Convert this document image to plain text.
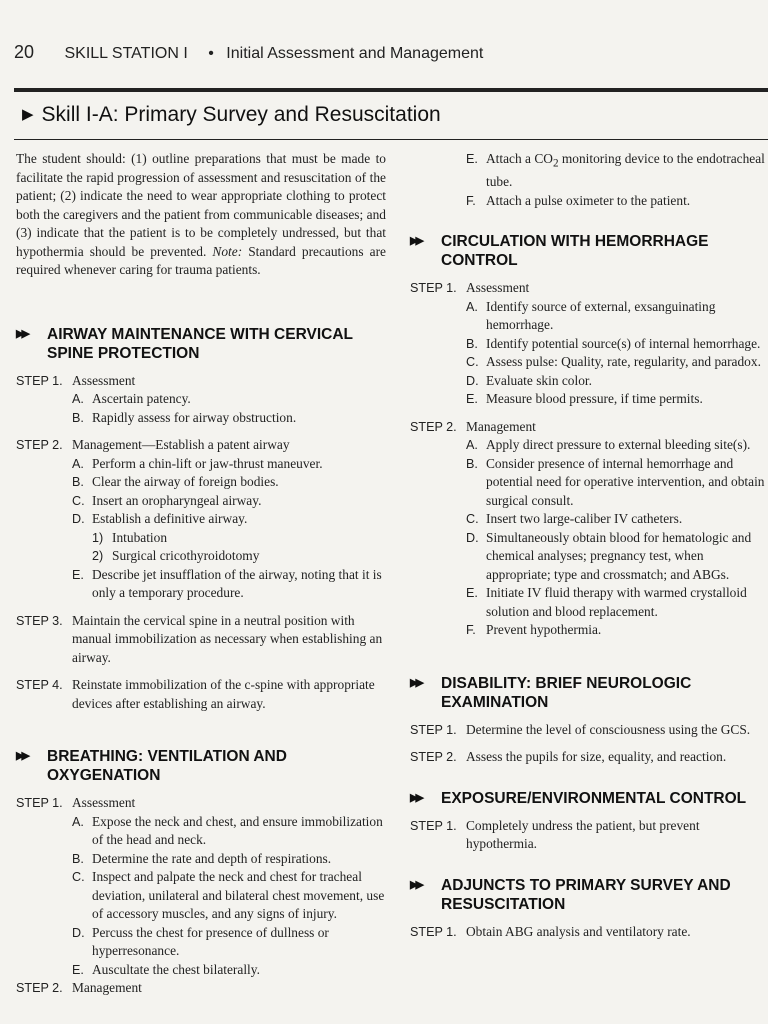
20 SKILL STATION I • Initial Assessment and Management
▶ Skill I-A: Primary Survey and Resuscitation

The student should: (1) outline preparations that must be made to facilitate the rapid progression of assessment and resuscitation of the patient; (2) indicate the need to wear appropriate clothing to protect both the caregivers and the patient from communicable diseases; and (3) indicate that the patient is to be completely undressed, but that hypothermia should be prevented. Note: Standard precautions are required whenever caring for trauma patients.

▶▶ AIRWAY MAINTENANCE WITH CERVICAL SPINE PROTECTION
STEP 1. Assessment
A. Ascertain patency.
B. Rapidly assess for airway obstruction.
STEP 2. Management—Establish a patent airway
A. Perform a chin-lift or jaw-thrust maneuver.
B. Clear the airway of foreign bodies.
C. Insert an oropharyngeal airway.
D. Establish a definitive airway.
1) Intubation
2) Surgical cricothyroidotomy
E. Describe jet insufflation of the airway, noting that it is only a temporary procedure.
STEP 3. Maintain the cervical spine in a neutral position with manual immobilization as necessary when establishing an airway.
STEP 4. Reinstate immobilization of the c-spine with appropriate devices after establishing an airway.
▶▶ BREATHING: VENTILATION AND OXYGENATION
STEP 1. Assessment
A. Expose the neck and chest, and ensure immobilization of the head and neck.
B. Determine the rate and depth of respirations.
C. Inspect and palpate the neck and chest for tracheal deviation, unilateral and bilateral chest movement, use of accessory muscles, and any signs of injury.
D. Percuss the chest for presence of dullness or hyperresonance.
E. Auscultate the chest bilaterally.
STEP 2. Management
E. Attach a $CO_2$ monitoring device to the endotracheal tube.
F. Attach a pulse oximeter to the patient.
▶▶ CIRCULATION WITH HEMORRHAGE CONTROL
STEP 1. Assessment
A. Identify source of external, exsanguinating hemorrhage.
B. Identify potential source(s) of internal hemorrhage.
C. Assess pulse: Quality, rate, regularity, and paradox.
D. Evaluate skin color.
E. Measure blood pressure, if time permits.
STEP 2. Management
A. Apply direct pressure to external bleeding site(s).
B. Consider presence of internal hemorrhage and potential need for operative intervention, and obtain surgical consult.
C. Insert two large-caliber IV catheters.
D. Simultaneously obtain blood for hematologic and chemical analyses; pregnancy test, when appropriate; type and crossmatch; and ABGs.
E. Initiate IV fluid therapy with warmed crystalloid solution and blood replacement.
F. Prevent hypothermia.
▶▶ DISABILITY: BRIEF NEUROLOGIC EXAMINATION
STEP 1. Determine the level of consciousness using the GCS.
STEP 2. Assess the pupils for size, equality, and reaction.
▶▶ EXPOSURE/ENVIRONMENTAL CONTROL
STEP 1. Completely undress the patient, but prevent hypothermia.
▶▶ ADJUNCTS TO PRIMARY SURVEY AND RESUSCITATION
STEP 1. Obtain ABG analysis and ventilatory rate.
